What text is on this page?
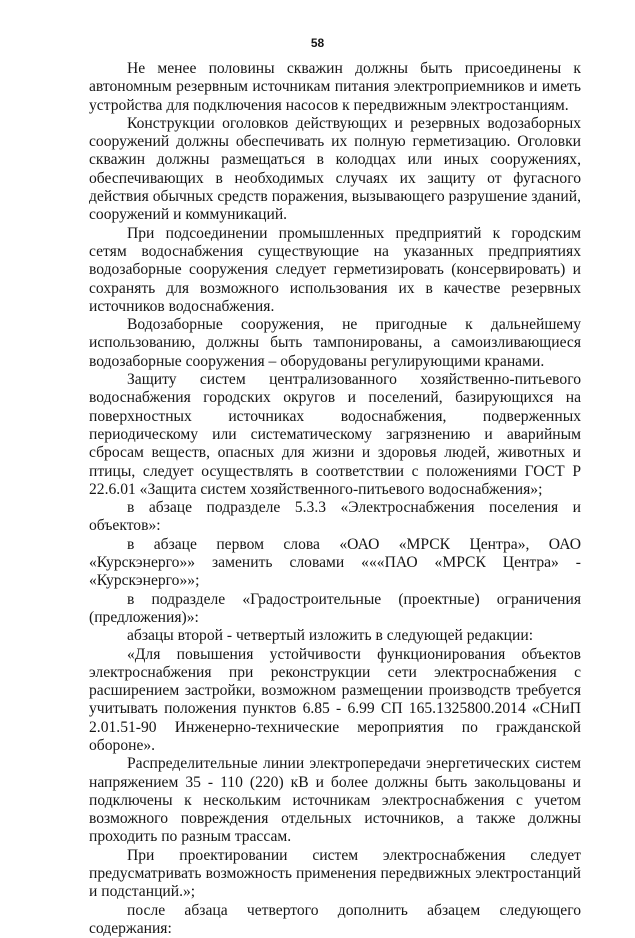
58

Не менее половины скважин должны быть присоединены к автономным резервным источникам питания электроприемников и иметь устройства для подключения насосов к передвижным электростанциям.

Конструкции оголовков действующих и резервных водозаборных сооружений должны обеспечивать их полную герметизацию. Оголовки скважин должны размещаться в колодцах или иных сооружениях, обеспечивающих в необходимых случаях их защиту от фугасного действия обычных средств поражения, вызывающего разрушение зданий, сооружений и коммуникаций.

При подсоединении промышленных предприятий к городским сетям водоснабжения существующие на указанных предприятиях водозаборные сооружения следует герметизировать (консервировать) и сохранять для возможного использования их в качестве резервных источников водоснабжения.

Водозаборные сооружения, не пригодные к дальнейшему использованию, должны быть тампонированы, а самоизливающиеся водозаборные сооружения – оборудованы регулирующими кранами.

Защиту систем централизованного хозяйственно-питьевого водоснабжения городских округов и поселений, базирующихся на поверхностных источниках водоснабжения, подверженных периодическому или систематическому загрязнению и аварийным сбросам веществ, опасных для жизни и здоровья людей, животных и птицы, следует осуществлять в соответствии с положениями ГОСТ Р 22.6.01 «Защита систем хозяйственного-питьевого водоснабжения»;

в абзаце подразделе 5.3.3 «Электроснабжения поселения и объектов»:

в абзаце первом слова «ОАО «МРСК Центра», ОАО «Курскэнерго»» заменить словами «««ПАО «МРСК Центра» - «Курскэнерго»»;

в подразделе «Градостроительные (проектные) ограничения (предложения)»:

абзацы второй - четвертый изложить в следующей редакции:

«Для повышения устойчивости функционирования объектов электроснабжения при реконструкции сети электроснабжения с расширением застройки, возможном размещении производств требуется учитывать положения пунктов 6.85 - 6.99 СП 165.1325800.2014 «СНиП 2.01.51-90 Инженерно-технические мероприятия по гражданской обороне».

Распределительные линии электропередачи энергетических систем напряжением 35 - 110 (220) кВ и более должны быть закольцованы и подключены к нескольким источникам электроснабжения с учетом возможного повреждения отдельных источников, а также должны проходить по разным трассам.

При проектировании систем электроснабжения следует предусматривать возможность применения передвижных электростанций и подстанций.»;

после абзаца четвертого дополнить абзацем следующего содержания:
